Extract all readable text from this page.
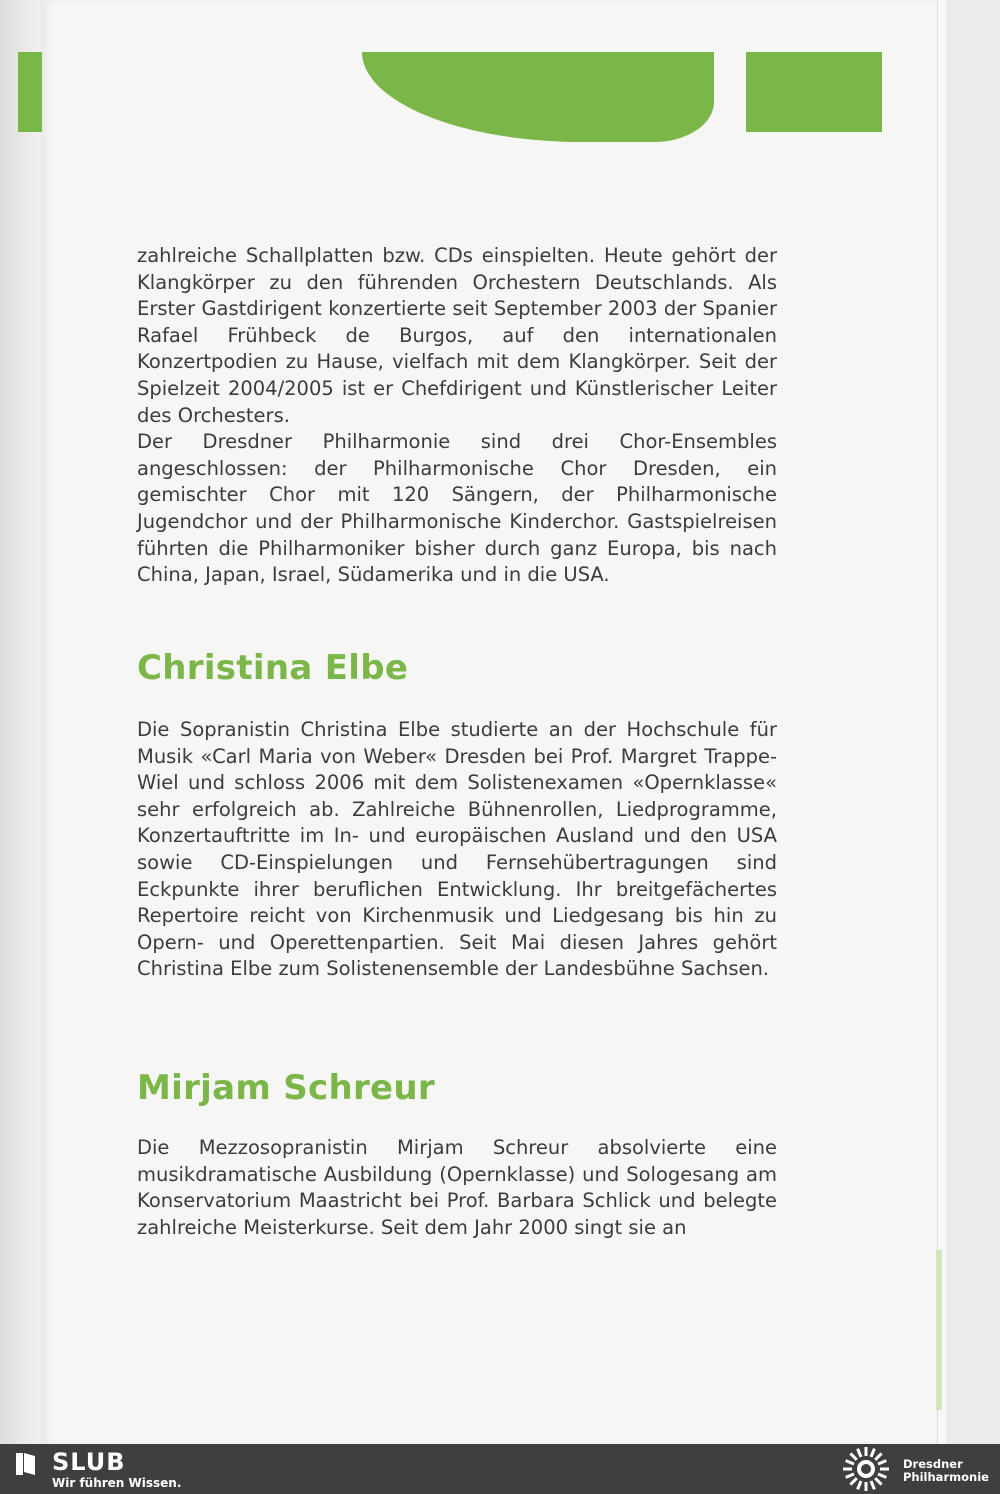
zahlreiche Schallplatten bzw. CDs einspielten. Heute gehört der Klangkörper zu den führenden Orchestern Deutschlands. Als Erster Gastdirigent konzertierte seit September 2003 der Spanier Rafael Frühbeck de Burgos, auf den internationalen Konzertpodien zu Hause, vielfach mit dem Klangkörper. Seit der Spielzeit 2004/2005 ist er Chefdirigent und Künstlerischer Leiter des Orchesters.

Der Dresdner Philharmonie sind drei Chor-Ensembles angeschlossen: der Philharmonische Chor Dresden, ein gemischter Chor mit 120 Sängern, der Philharmonische Jugendchor und der Philharmonische Kinderchor. Gastspielreisen führten die Philharmoniker bisher durch ganz Europa, bis nach China, Japan, Israel, Südamerika und in die USA.

Christina Elbe

Die Sopranistin Christina Elbe studierte an der Hochschule für Musik «Carl Maria von Weber« Dresden bei Prof. Margret Trappe-Wiel und schloss 2006 mit dem Solistenexamen «Opernklasse« sehr erfolgreich ab. Zahlreiche Bühnenrollen, Liedprogramme, Konzertauftritte im In- und europäischen Ausland und den USA sowie CD-Einspielungen und Fernsehübertragungen sind Eckpunkte ihrer beruflichen Entwicklung. Ihr breitgefächertes Repertoire reicht von Kirchenmusik und Liedgesang bis hin zu Opern- und Operettenpartien. Seit Mai diesen Jahres gehört Christina Elbe zum Solistenensemble der Landesbühne Sachsen.

Mirjam Schreur

Die Mezzosopranistin Mirjam Schreur absolvierte eine musikdramatische Ausbildung (Opernklasse) und Sologesang am Konservatorium Maastricht bei Prof. Barbara Schlick und belegte zahlreiche Meisterkurse. Seit dem Jahr 2000 singt sie an

SLUB
Wir führen Wissen.
Dresdner
Philharmonie
